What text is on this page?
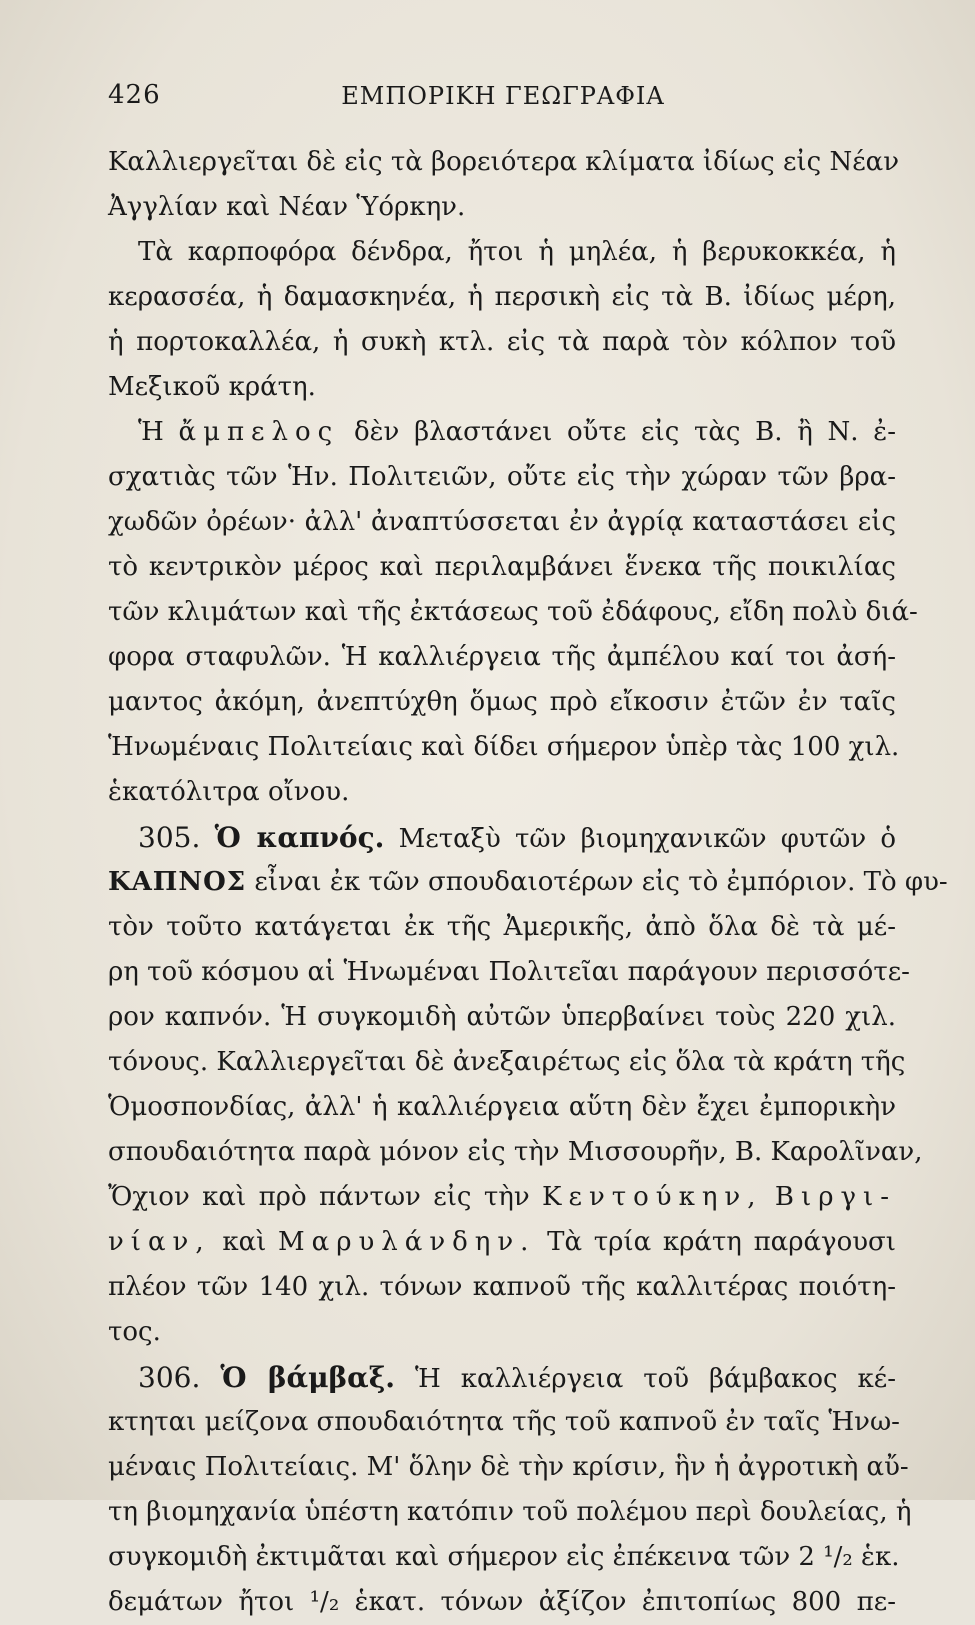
426	ΕΜΠΟΡΙΚΗ ΓΕΩΓΡΑΦΙΑ
Καλλιεργεῖται δὲ εἰς τὰ βορειότερα κλίματα ἰδίως εἰς Νέαν
Ἀγγλίαν καὶ Νέαν Ὑόρκην.
Τὰ καρποφόρα δένδρα, ἤτοι ἡ μηλέα, ἡ βερυκοκκέα, ἡ
κερασσέα, ἡ δαμασκηνέα, ἡ περσικὴ εἰς τὰ Β. ἰδίως μέρη,
ἡ πορτοκαλλέα, ἡ συκὴ κτλ. εἰς τὰ παρὰ τὸν κόλπον τοῦ
Μεξικοῦ κράτη.
Ἡ ἄμπελος δὲν βλαστάνει οὔτε εἰς τὰς Β. ἢ Ν. ἐ-
σχατιὰς τῶν Ἡν. Πολιτειῶν, οὔτε εἰς τὴν χώραν τῶν βρα-
χωδῶν ὀρέων· ἀλλ' ἀναπτύσσεται ἐν ἀγρίᾳ καταστάσει εἰς
τὸ κεντρικὸν μέρος καὶ περιλαμβάνει ἕνεκα τῆς ποικιλίας
τῶν κλιμάτων καὶ τῆς ἐκτάσεως τοῦ ἐδάφους, εἴδη πολὺ διά-
φορα σταφυλῶν. Ἡ καλλιέργεια τῆς ἀμπέλου καί τοι ἀσή-
μαντος ἀκόμη, ἀνεπτύχθη ὅμως πρὸ εἴκοσιν ἐτῶν ἐν ταῖς
Ἡνωμέναις Πολιτείαις καὶ δίδει σήμερον ὑπὲρ τὰς 100 χιλ.
ἑκατόλιτρα οἴνου.
305. Ὁ καπνός. Μεταξὺ τῶν βιομηχανικῶν φυτῶν ὁ
ΚΑΠΝΟΣ εἶναι ἐκ τῶν σπουδαιοτέρων εἰς τὸ ἐμπόριον. Τὸ φυ-
τὸν τοῦτο κατάγεται ἐκ τῆς Ἀμερικῆς, ἀπὸ ὅλα δὲ τὰ μέ-
ρη τοῦ κόσμου αἱ Ἡνωμέναι Πολιτεῖαι παράγουν περισσότε-
ρον καπνόν. Ἡ συγκομιδὴ αὐτῶν ὑπερβαίνει τοὺς 220 χιλ.
τόνους. Καλλιεργεῖται δὲ ἀνεξαιρέτως εἰς ὅλα τὰ κράτη τῆς
Ὁμοσπονδίας, ἀλλ' ἡ καλλιέργεια αὕτη δὲν ἔχει ἐμπορικὴν
σπουδαιότητα παρὰ μόνον εἰς τὴν Μισσουρῆν, Β. Καρολῖναν,
Ὄχιον καὶ πρὸ πάντων εἰς τὴν Κεντούκην, Βιργι-
νίαν, καὶ Μαρυλάνδην. Τὰ τρία κράτη παράγουσι
πλέον τῶν 140 χιλ. τόνων καπνοῦ τῆς καλλιτέρας ποιότη-
τος.
306. Ὁ βάμβαξ. Ἡ καλλιέργεια τοῦ βάμβακος κέ-
κτηται μείζονα σπουδαιότητα τῆς τοῦ καπνοῦ ἐν ταῖς Ἡνω-
μέναις Πολιτείαις. Μ' ὅλην δὲ τὴν κρίσιν, ἣν ἡ ἀγροτικὴ αὔ-
τη βιομηχανία ὑπέστη κατόπιν τοῦ πολέμου περὶ δουλείας, ἡ
συγκομιδὴ ἐκτιμᾶται καὶ σήμερον εἰς ἐπέκεινα τῶν 2 ¹/₂ ἑκ.
δεμάτων ἤτοι ¹/₂ ἑκατ. τόνων ἀξίζον ἐπιτοπίως 800 πε-
